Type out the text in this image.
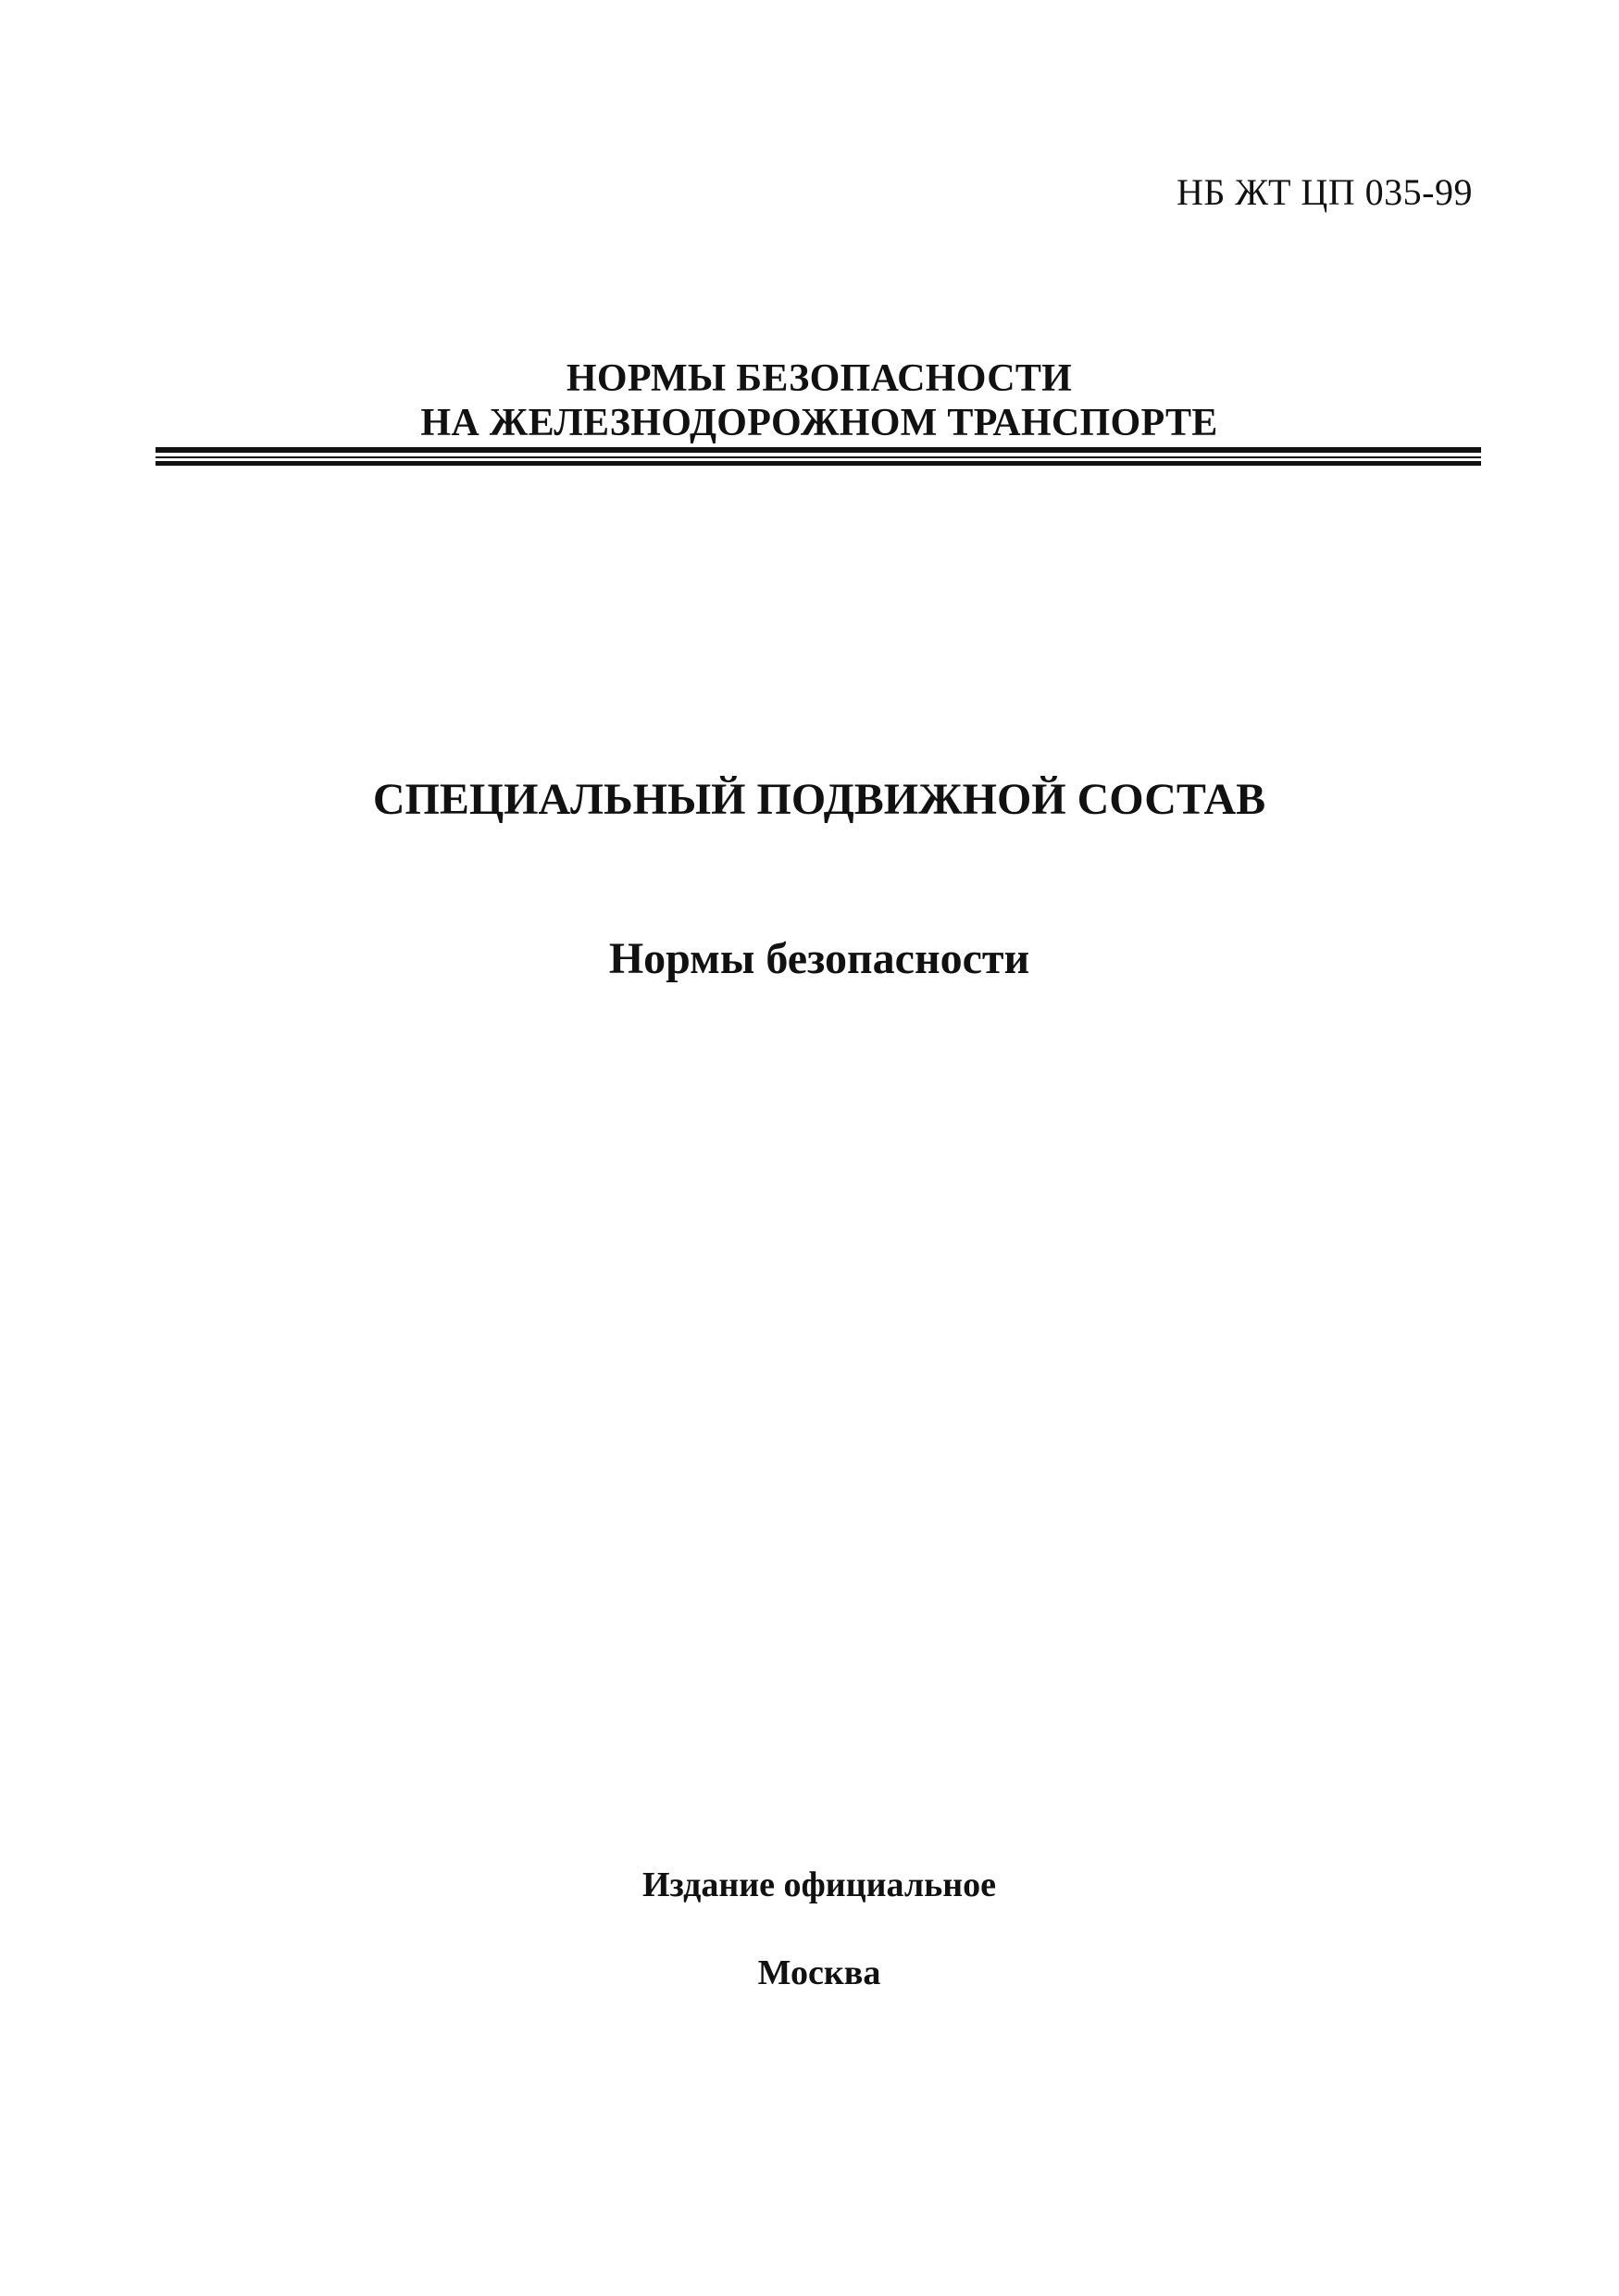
НБ ЖТ ЦП 035-99
НОРМЫ БЕЗОПАСНОСТИ
НА ЖЕЛЕЗНОДОРОЖНОМ ТРАНСПОРТЕ
СПЕЦИАЛЬНЫЙ ПОДВИЖНОЙ СОСТАВ
Нормы безопасности
Издание официальное
Москва
